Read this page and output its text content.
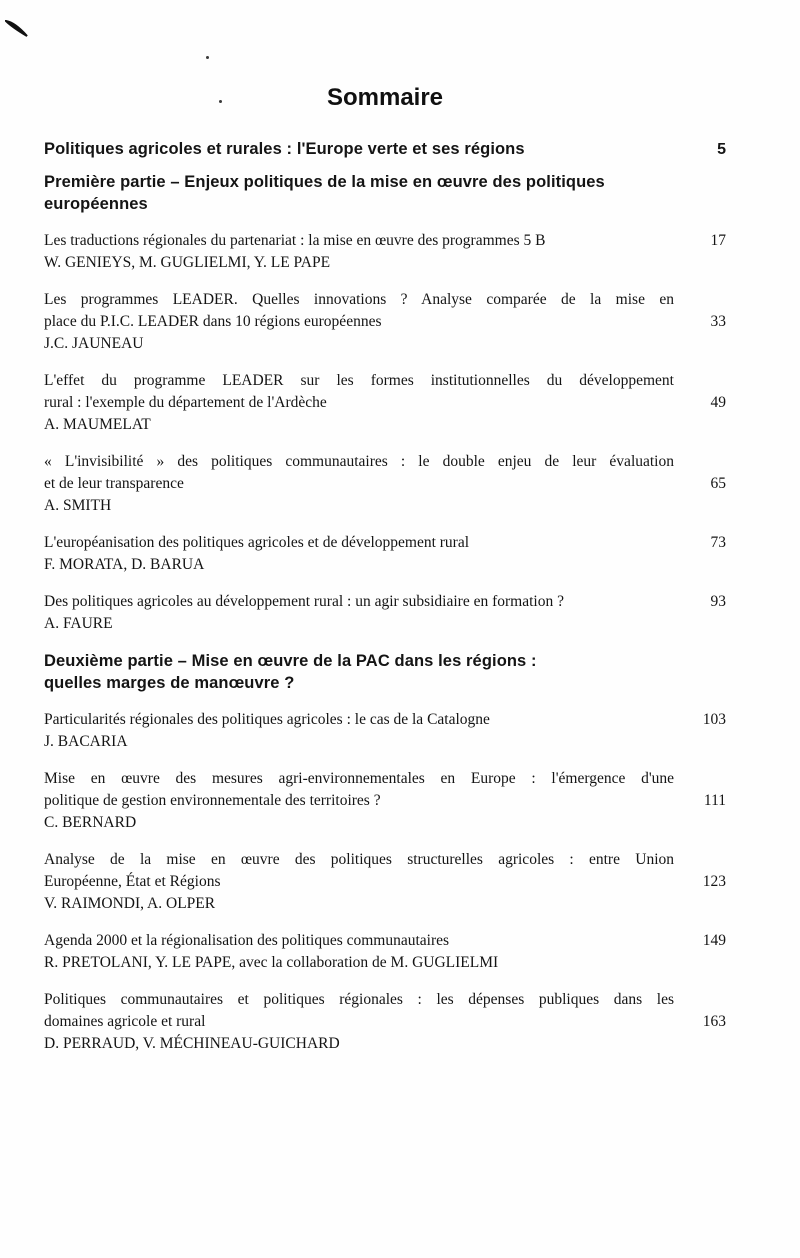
Sommaire
Politiques agricoles et rurales : l'Europe verte et ses régions	5
Première partie – Enjeux politiques de la mise en œuvre des politiques
européennes
Les traductions régionales du partenariat : la mise en œuvre des programmes 5 B	17
W. GENIEYS, M. GUGLIELMI, Y. LE PAPE
Les programmes LEADER. Quelles innovations ? Analyse comparée de la mise en
place du P.I.C. LEADER dans 10 régions européennes	33
J.C. JAUNEAU
L'effet du programme LEADER sur les formes institutionnelles du développement
rural : l'exemple du département de l'Ardèche	49
A. MAUMELAT
« L'invisibilité » des politiques communautaires : le double enjeu de leur évaluation
et de leur transparence	65
A. SMITH
L'européanisation des politiques agricoles et de développement rural	73
F. MORATA, D. BARUA
Des politiques agricoles au développement rural : un agir subsidiaire en formation ?	93
A. FAURE
Deuxième partie – Mise en œuvre de la PAC dans les régions :
quelles marges de manœuvre ?
Particularités régionales des politiques agricoles : le cas de la Catalogne	103
J. BACARIA
Mise en œuvre des mesures agri-environnementales en Europe : l'émergence d'une
politique de gestion environnementale des territoires ?	111
C. BERNARD
Analyse de la mise en œuvre des politiques structurelles agricoles : entre Union
Européenne, État et Régions	123
V. RAIMONDI, A. OLPER
Agenda 2000 et la régionalisation des politiques communautaires	149
R. PRETOLANI, Y. LE PAPE, avec la collaboration de M. GUGLIELMI
Politiques communautaires et politiques régionales : les dépenses publiques dans les
domaines agricole et rural	163
D. PERRAUD, V. MÉCHINEAU-GUICHARD
